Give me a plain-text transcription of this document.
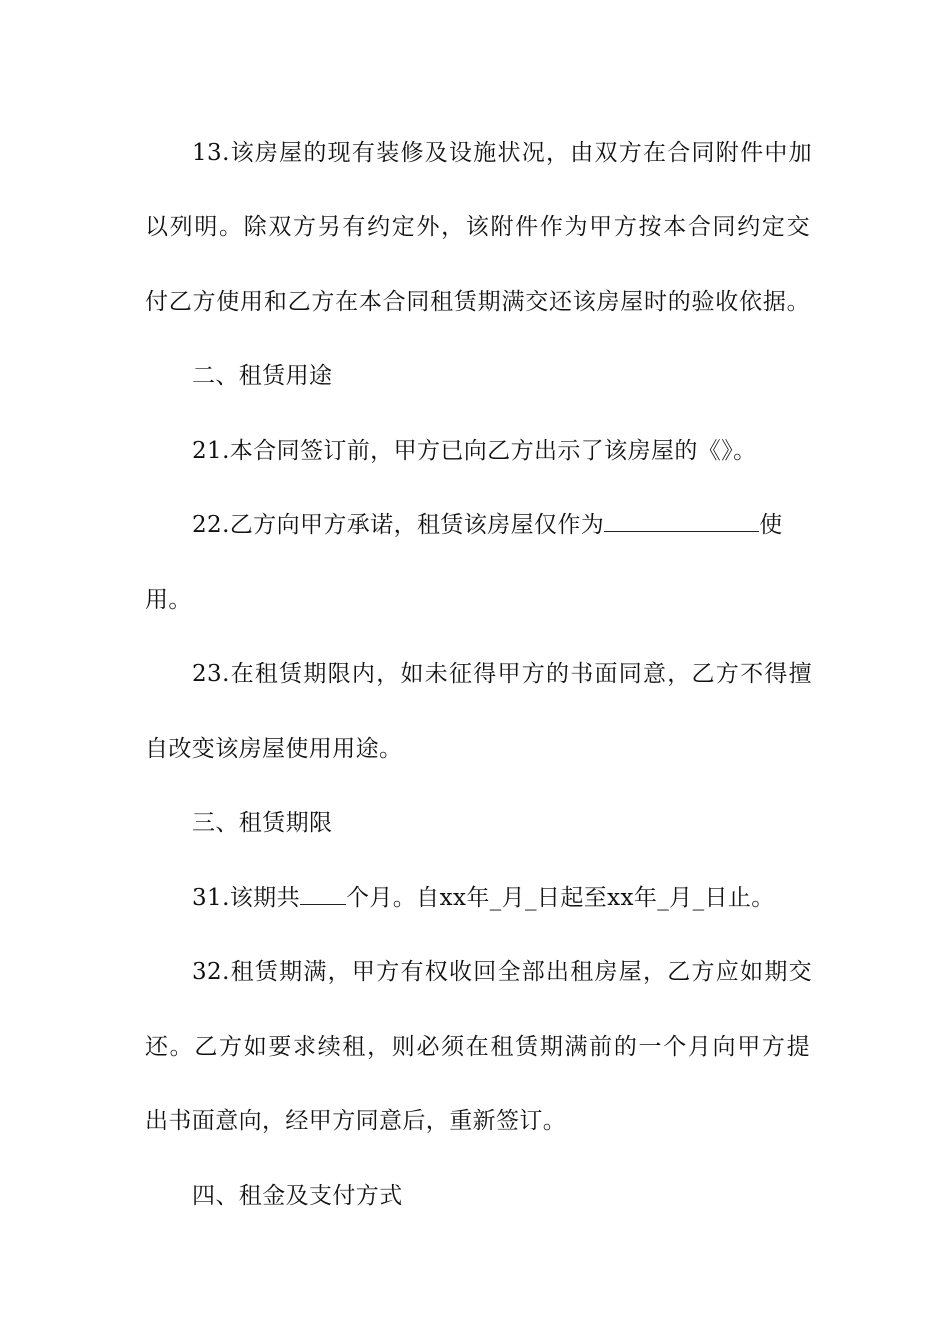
13.该房屋的现有装修及设施状况，由双方在合同附件中加
以列明。除双方另有约定外，该附件作为甲方按本合同约定交
付乙方使用和乙方在本合同租赁期满交还该房屋时的验收依据。
二、租赁用途
21.本合同签订前，甲方已向乙方出示了该房屋的《》。
22.乙方向甲方承诺，租赁该房屋仅作为	使
用。
23.在租赁期限内，如未征得甲方的书面同意，乙方不得擅
自改变该房屋使用用途。
三、租赁期限
31.该期共 个月。自xx年_月_日起至xx年_月_日止。
32.租赁期满，甲方有权收回全部出租房屋，乙方应如期交
还。乙方如要求续租，则必须在租赁期满前的一个月向甲方提
出书面意向，经甲方同意后，重新签订。
四、租金及支付方式
